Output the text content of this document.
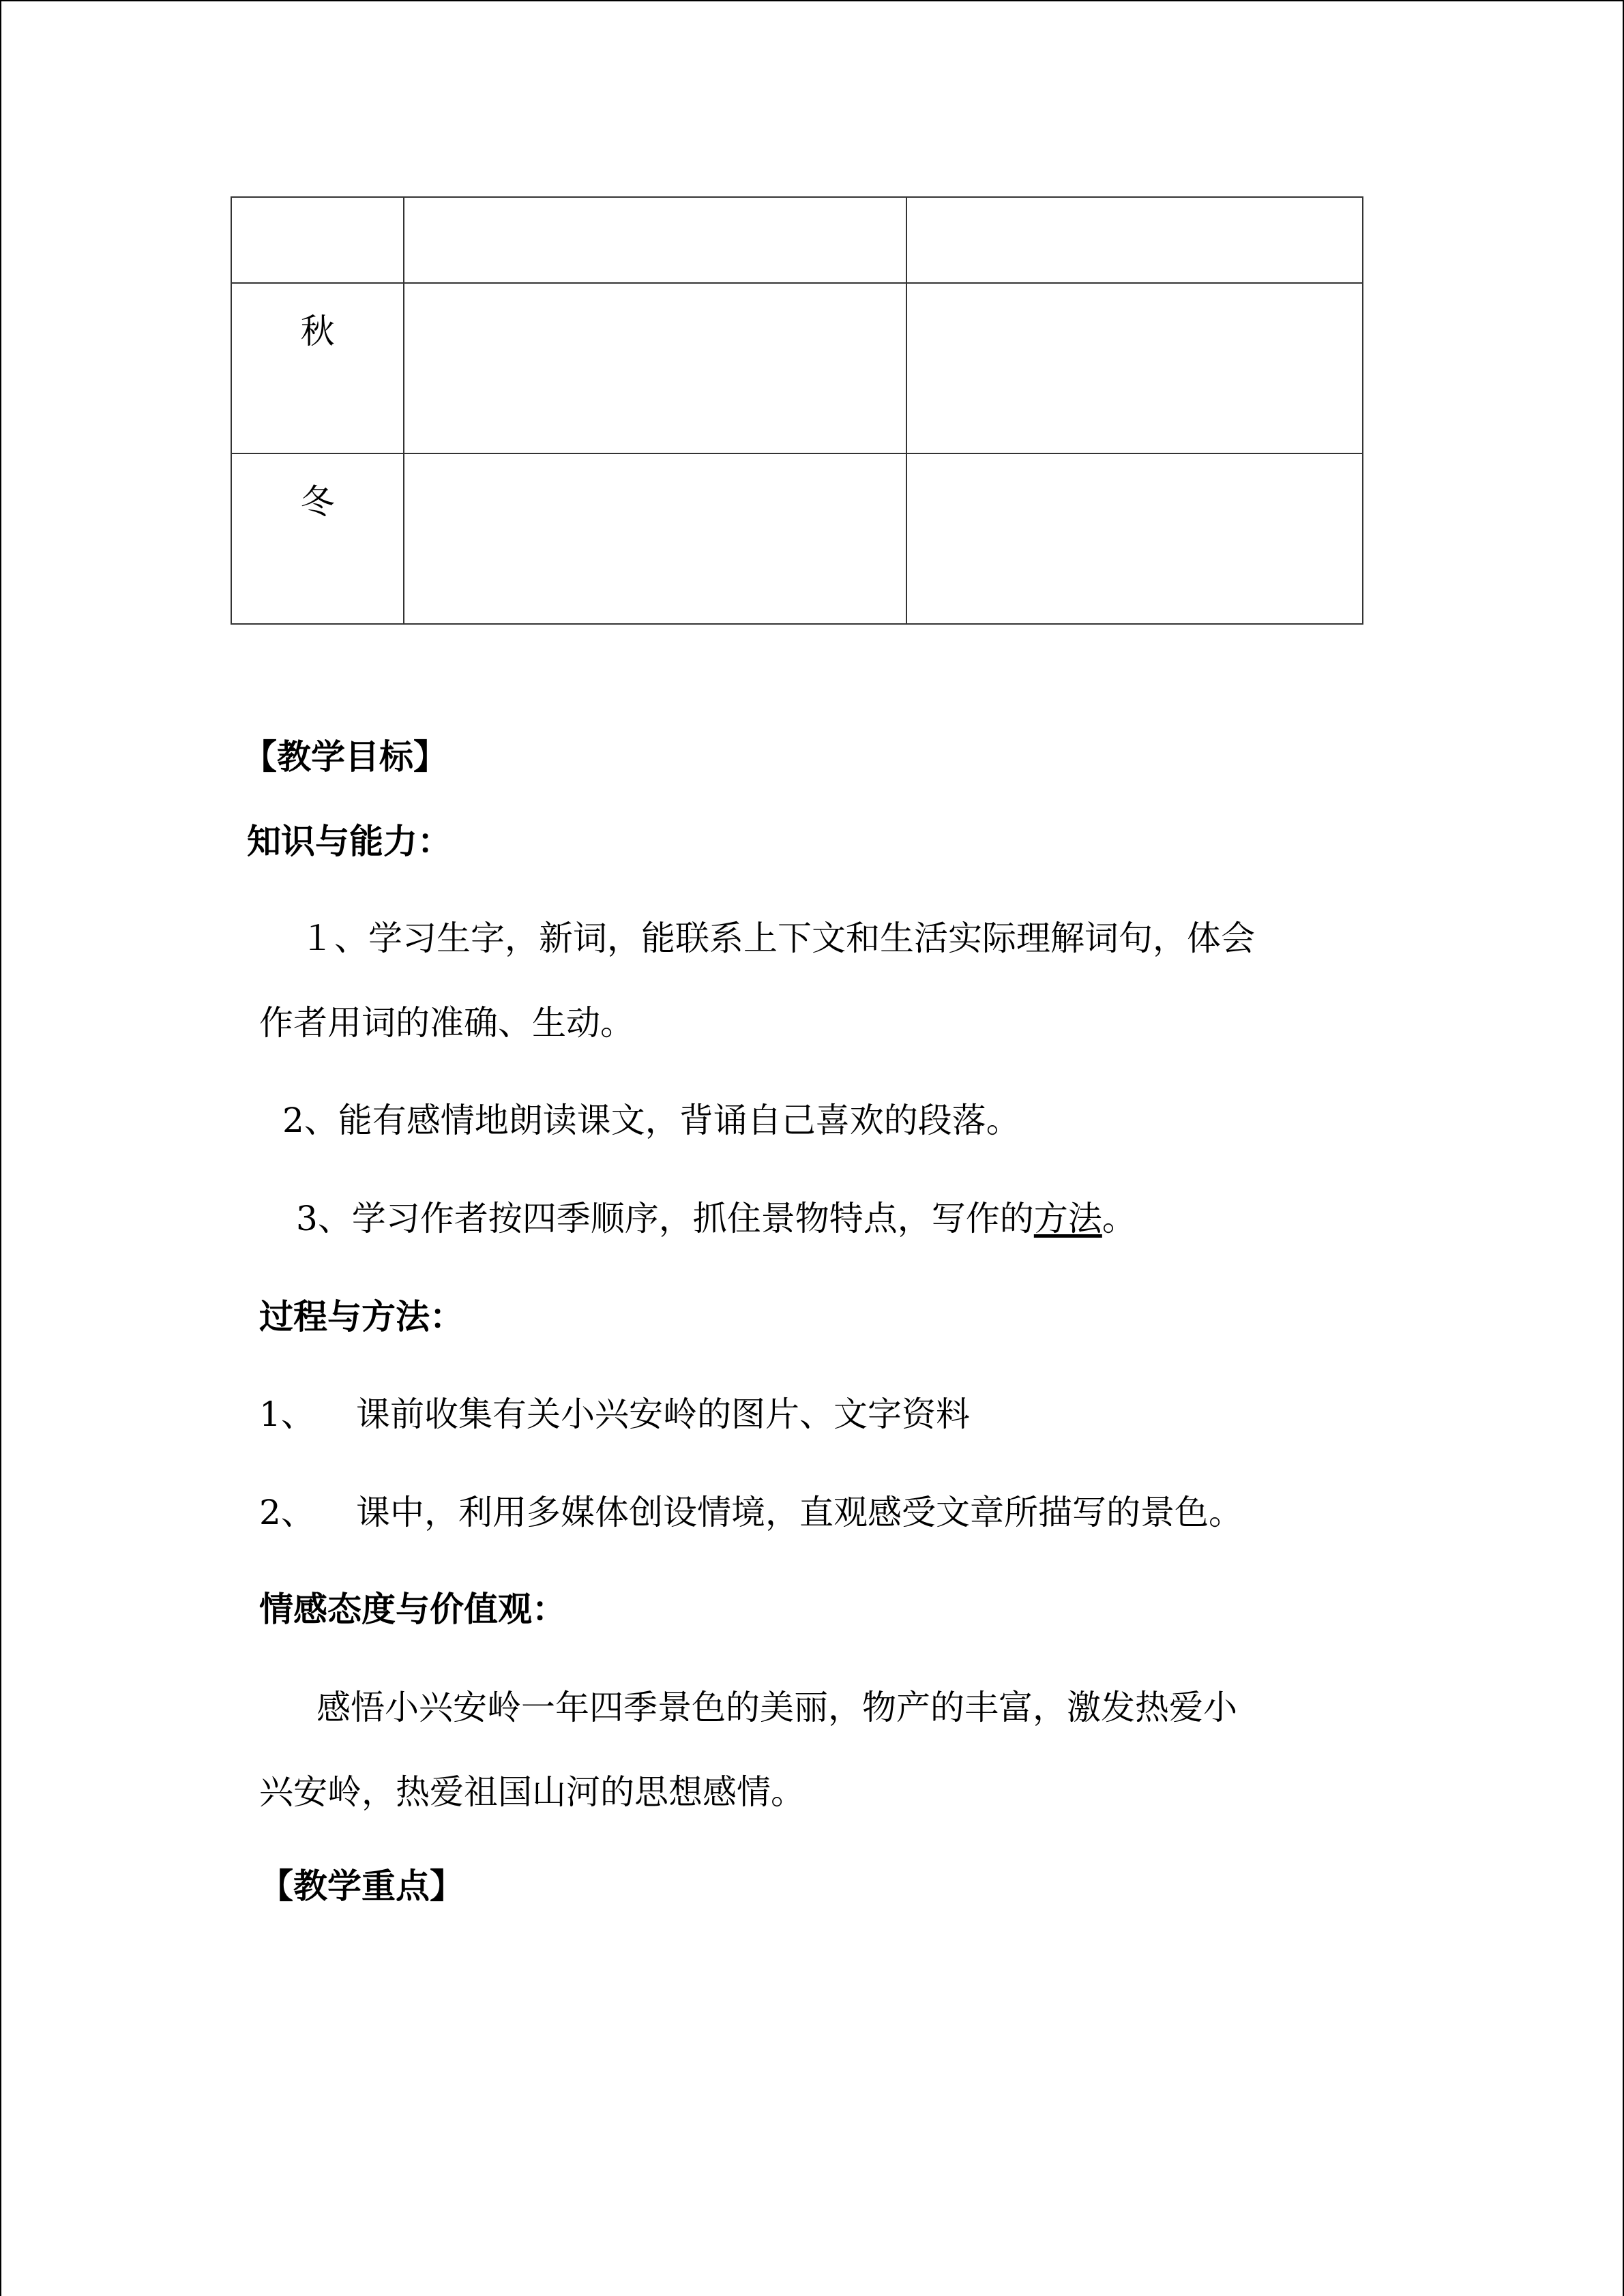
秋		
冬		
【教学目标】
知识与能力：
１、学习生字，新词，能联系上下文和生活实际理解词句，体会
作者用词的准确、生动。
2、能有感情地朗读课文，背诵自己喜欢的段落。
3、学习作者按四季顺序，抓住景物特点，写作的方法。
过程与方法：
1、 课前收集有关小兴安岭的图片、文字资料
2、 课中，利用多媒体创设情境，直观感受文章所描写的景色。
情感态度与价值观：
感悟小兴安岭一年四季景色的美丽，物产的丰富，激发热爱小
兴安岭，热爱祖国山河的思想感情。
【教学重点】
